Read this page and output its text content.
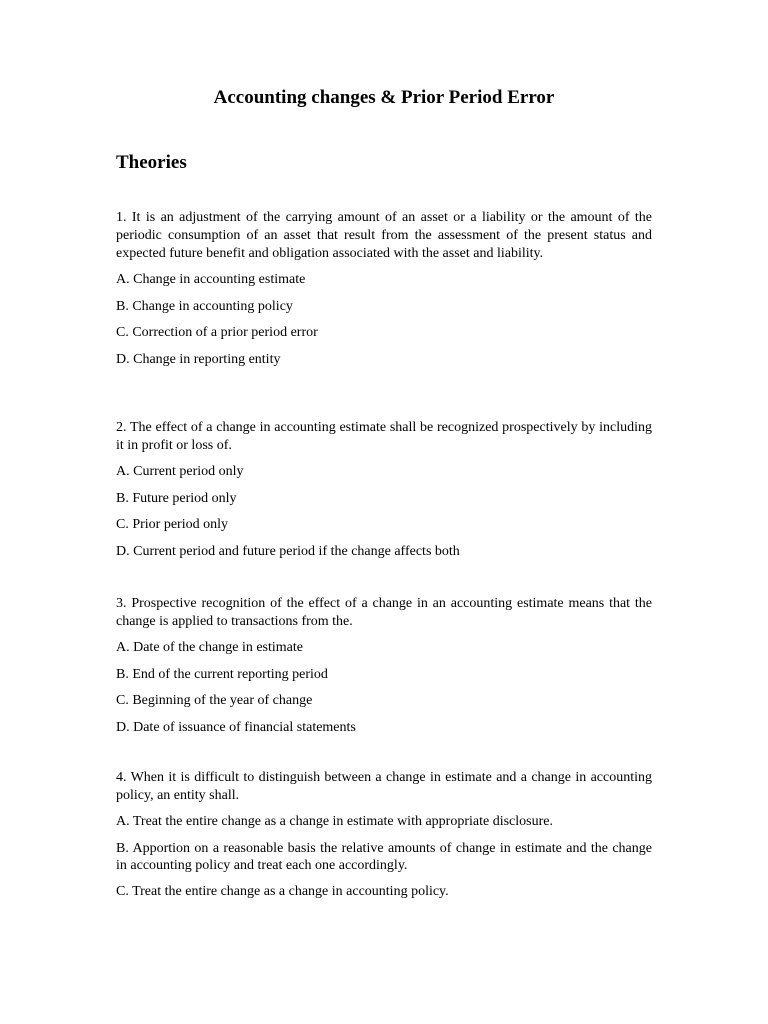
Accounting changes & Prior Period Error
Theories

1. It is an adjustment of the carrying amount of an asset or a liability or the amount of the periodic consumption of an asset that result from the assessment of the present status and expected future benefit and obligation associated with the asset and liability.

A. Change in accounting estimate

B. Change in accounting policy

C. Correction of a prior period error

D. Change in reporting entity

2. The effect of a change in accounting estimate shall be recognized prospectively by including it in profit or loss of.

A. Current period only

B. Future period only

C. Prior period only

D. Current period and future period if the change affects both

3. Prospective recognition of the effect of a change in an accounting estimate means that the change is applied to transactions from the.

A. Date of the change in estimate

B. End of the current reporting period

C. Beginning of the year of change

D. Date of issuance of financial statements

4. When it is difficult to distinguish between a change in estimate and a change in accounting policy, an entity shall.

A. Treat the entire change as a change in estimate with appropriate disclosure.

B. Apportion on a reasonable basis the relative amounts of change in estimate and the change in accounting policy and treat each one accordingly.

C. Treat the entire change as a change in accounting policy.
